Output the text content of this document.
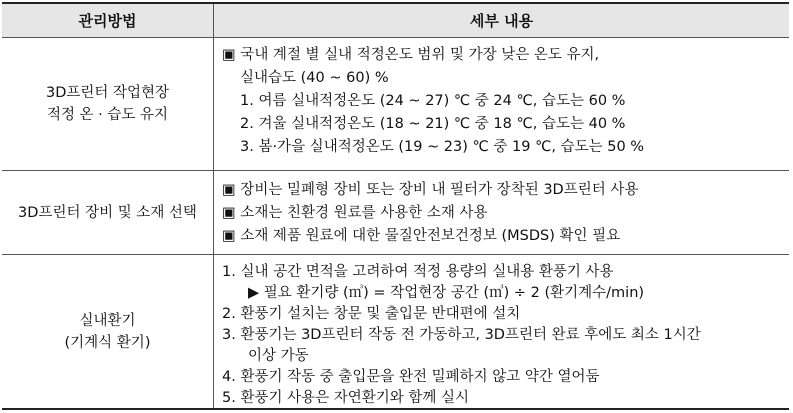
관리방법	세부 내용
3D프린터 작업현장
적정 온 · 습도 유지
▣ 국내 계절 별 실내 적정온도 범위 및 가장 낮은 온도 유지,
실내습도 (40 ~ 60) %
1. 여름 실내적정온도 (24 ~ 27) ℃ 중 24 ℃, 습도는 60 %
2. 겨울 실내적정온도 (18 ~ 21) ℃ 중 18 ℃, 습도는 40 %
3. 봄·가을 실내적정온도 (19 ~ 23) ℃ 중 19 ℃, 습도는 50 %
3D프린터 장비 및 소재 선택
▣ 장비는 밀폐형 장비 또는 장비 내 필터가 장착된 3D프린터 사용
▣ 소재는 친환경 원료를 사용한 소재 사용
▣ 소재 제품 원료에 대한 물질안전보건정보 (MSDS) 확인 필요
실내환기
(기계식 환기)
1. 실내 공간 면적을 고려하여 적정 용량의 실내용 환풍기 사용
▶ 필요 환기량 (㎥) = 작업현장 공간 (㎥) ÷ 2 (환기계수/min)
2. 환풍기 설치는 창문 및 출입문 반대편에 설치
3. 환풍기는 3D프린터 작동 전 가동하고, 3D프린터 완료 후에도 최소 1시간
이상 가동
4. 환풍기 작동 중 출입문을 완전 밀폐하지 않고 약간 열어둠
5. 환풍기 사용은 자연환기와 함께 실시
